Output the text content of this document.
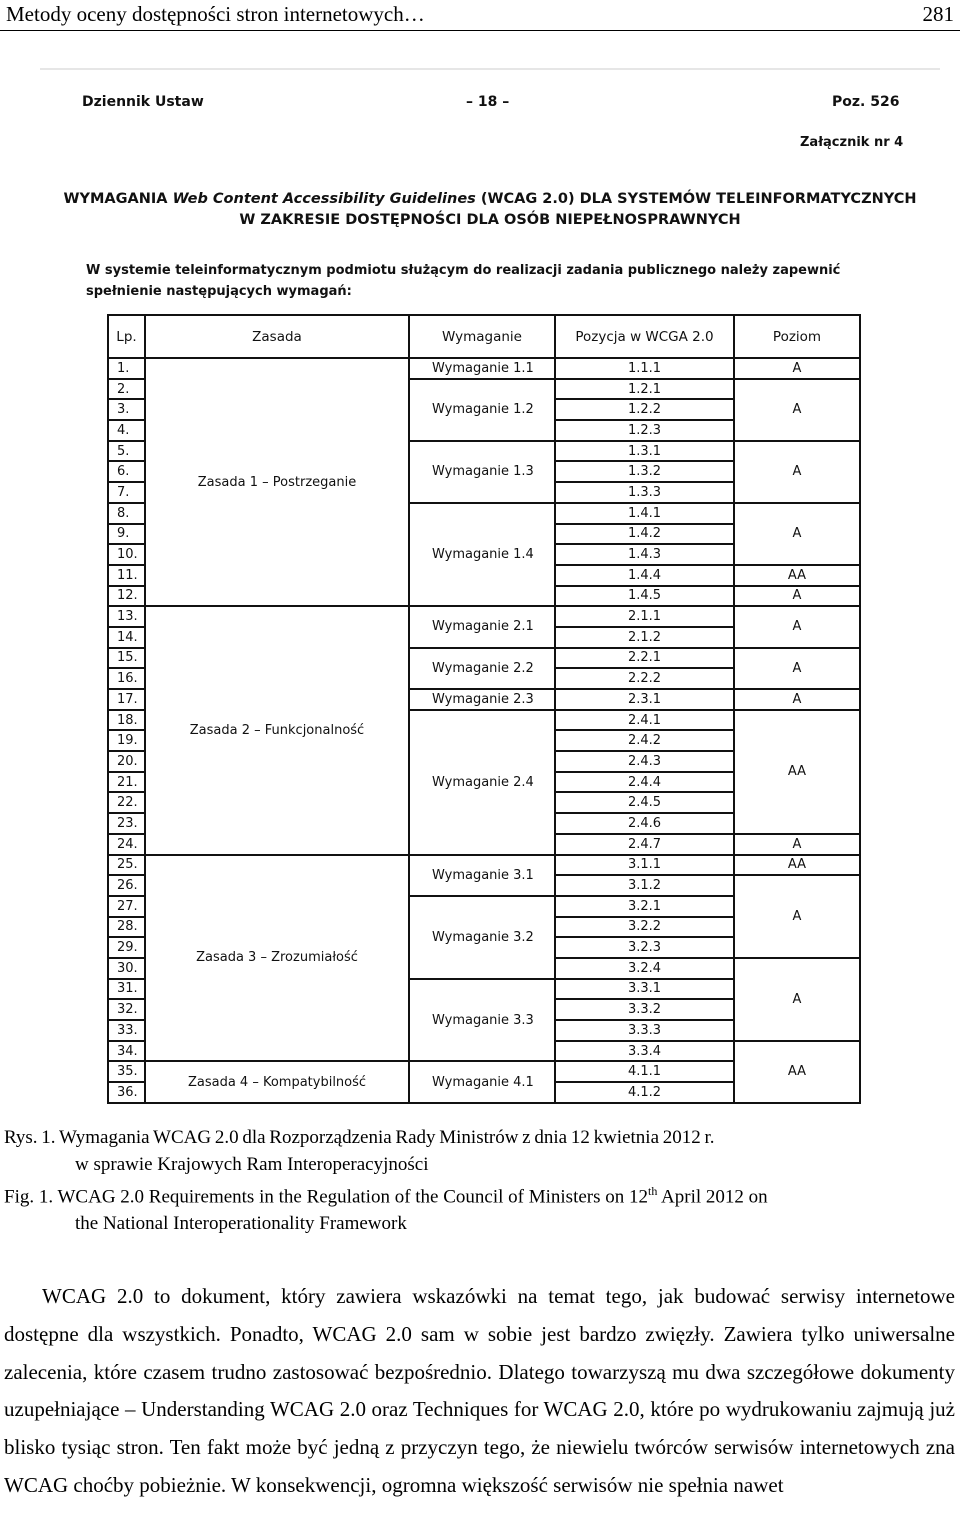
Metody oceny dostępności stron internetowych…	281
Dziennik Ustaw	– 18 –	Poz. 526
Załącznik nr 4
WYMAGANIA Web Content Accessibility Guidelines (WCAG 2.0) DLA SYSTEMÓW TELEINFORMATYCZNYCH
W ZAKRESIE DOSTĘPNOŚCI DLA OSÓB NIEPEŁNOSPRAWNYCH
W systemie teleinformatycznym podmiotu służącym do realizacji zadania publicznego należy zapewnić
spełnienie następujących wymagań:
Lp.	Zasada	Wymaganie	Pozycja w WCGA 2.0	Poziom
1.	Zasada 1 – Postrzeganie	Wymaganie 1.1	1.1.1	A
2.		Wymaganie 1.2	1.2.1	A
3.			1.2.2	
4.			1.2.3	
5.		Wymaganie 1.3	1.3.1	A
6.			1.3.2	
7.			1.3.3	
8.		Wymaganie 1.4	1.4.1	A
9.			1.4.2	
10.			1.4.3	
11.			1.4.4	AA
12.			1.4.5	A
13.	Zasada 2 – Funkcjonalność	Wymaganie 2.1	2.1.1	A
14.			2.1.2	
15.		Wymaganie 2.2	2.2.1	A
16.			2.2.2	
17.		Wymaganie 2.3	2.3.1	A
18.		Wymaganie 2.4	2.4.1	AA
19.			2.4.2	
20.			2.4.3	
21.			2.4.4	
22.			2.4.5	
23.			2.4.6	
24.			2.4.7	A
25.	Zasada 3 – Zrozumiałość	Wymaganie 3.1	3.1.1	AA
26.			3.1.2	A
27.		Wymaganie 3.2	3.2.1	
28.			3.2.2	
29.			3.2.3	
30.			3.2.4	A
31.		Wymaganie 3.3	3.3.1	
32.			3.3.2	
33.			3.3.3	
34.			3.3.4	AA
35.	Zasada 4 – Kompatybilność	Wymaganie 4.1	4.1.1	
36.			4.1.2	
Rys. 1. Wymagania WCAG 2.0 dla Rozporządzenia Rady Ministrów z dnia 12 kwietnia 2012 r.
w sprawie Krajowych Ram Interoperacyjności
Fig. 1. WCAG 2.0 Requirements in the Regulation of the Council of Ministers on 12th April 2012 on
the National Interoperationality Framework
WCAG 2.0 to dokument, który zawiera wskazówki na temat tego, jak budować serwisy internetowe dostępne dla wszystkich. Ponadto, WCAG 2.0 sam w sobie jest bardzo zwięzły. Zawiera tylko uniwersalne zalecenia, które czasem trudno zastosować bezpośrednio. Dlatego towarzyszą mu dwa szczegółowe dokumenty uzupełniające – Understanding WCAG 2.0 oraz Techniques for WCAG 2.0, które po wydrukowaniu zajmują już blisko tysiąc stron. Ten fakt może być jedną z przyczyn tego, że niewielu twórców serwisów internetowych zna WCAG choćby pobieżnie. W konsekwencji, ogromna większość serwisów nie spełnia nawet
